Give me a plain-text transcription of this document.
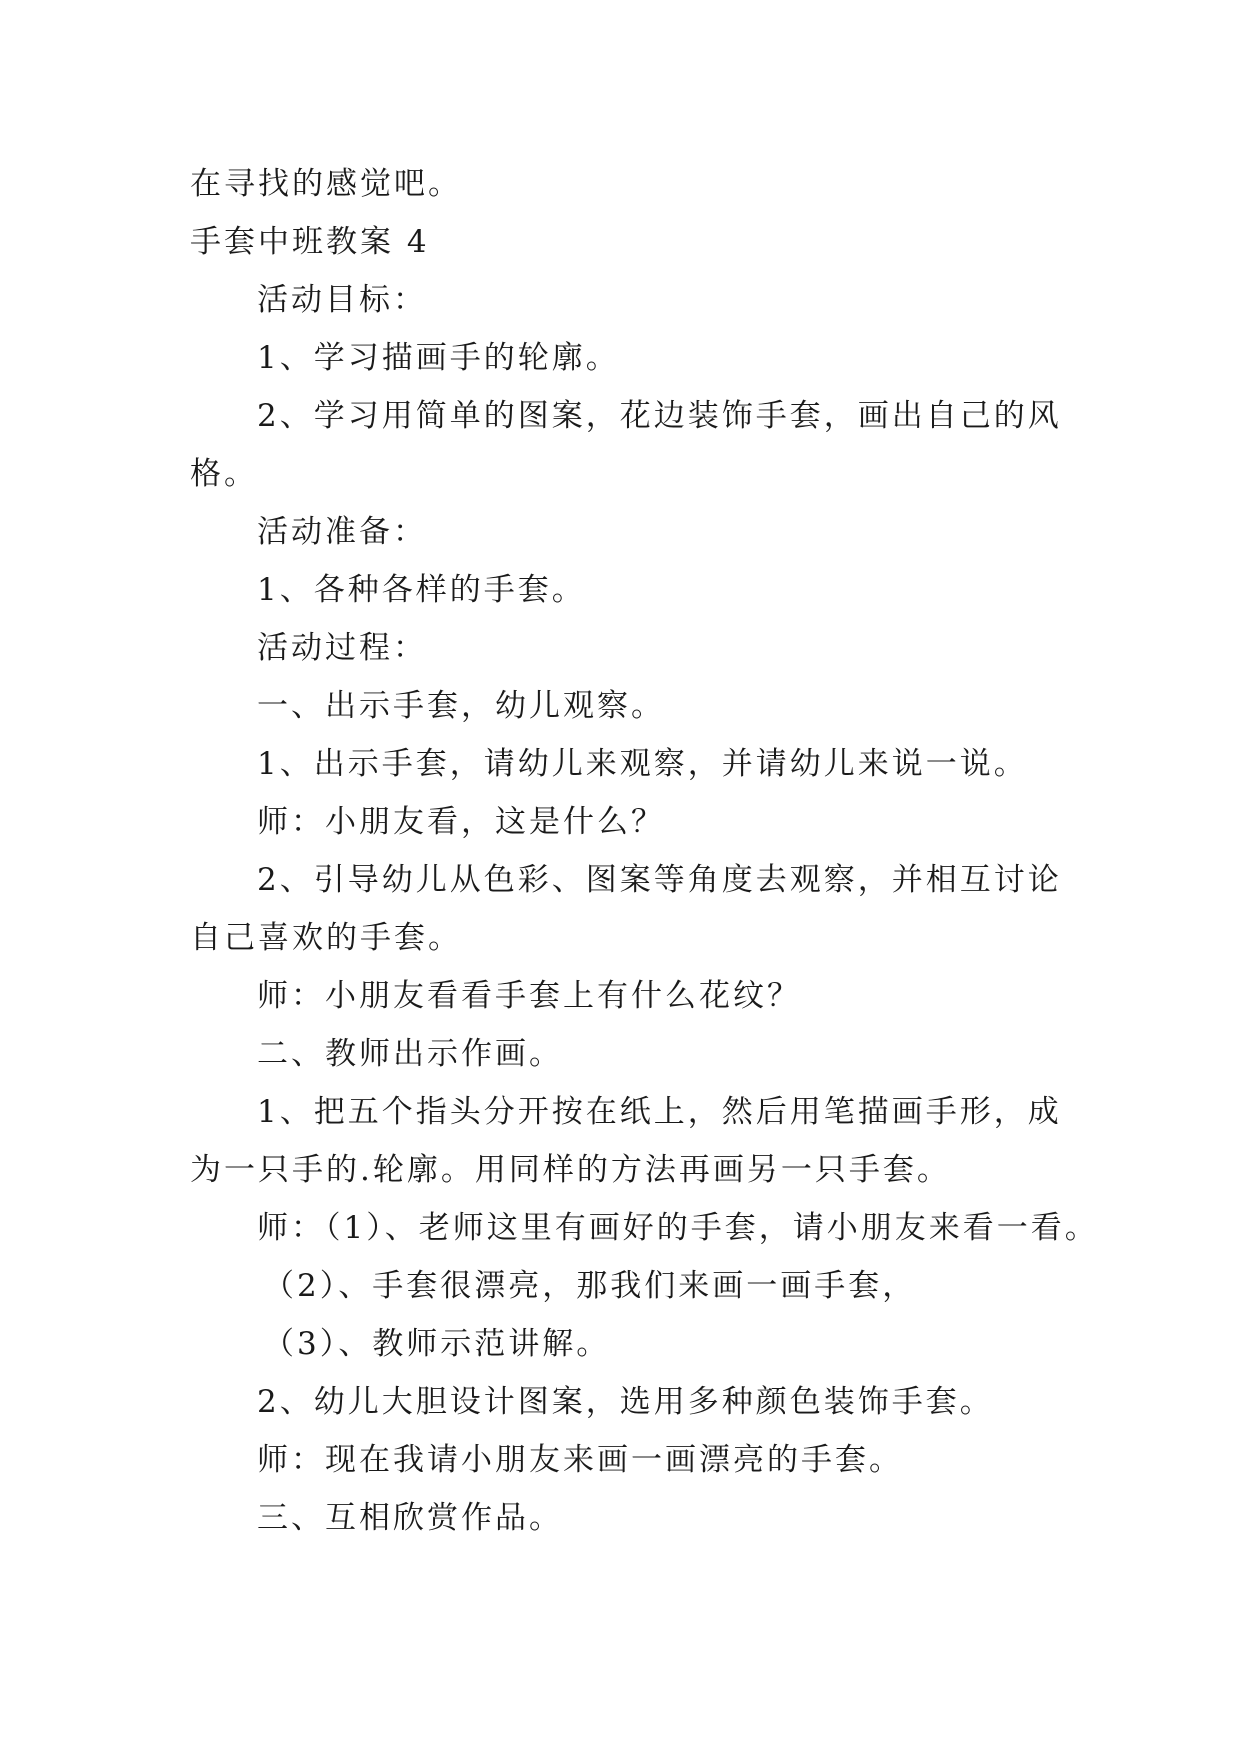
在寻找的感觉吧。
手套中班教案 4
活动目标：
1、学习描画手的轮廓。
2、学习用简单的图案，花边装饰手套，画出自己的风
格。
活动准备：
1、各种各样的手套。
活动过程：
一、出示手套，幼儿观察。
1、出示手套，请幼儿来观察，并请幼儿来说一说。
师：小朋友看，这是什么？
2、引导幼儿从色彩、图案等角度去观察，并相互讨论
自己喜欢的手套。
师：小朋友看看手套上有什么花纹？
二、教师出示作画。
1、把五个指头分开按在纸上，然后用笔描画手形，成
为一只手的.轮廓。用同样的方法再画另一只手套。
师：（1）、老师这里有画好的手套，请小朋友来看一看。
（2）、手套很漂亮，那我们来画一画手套，
（3）、教师示范讲解。
2、幼儿大胆设计图案，选用多种颜色装饰手套。
师：现在我请小朋友来画一画漂亮的手套。
三、互相欣赏作品。
